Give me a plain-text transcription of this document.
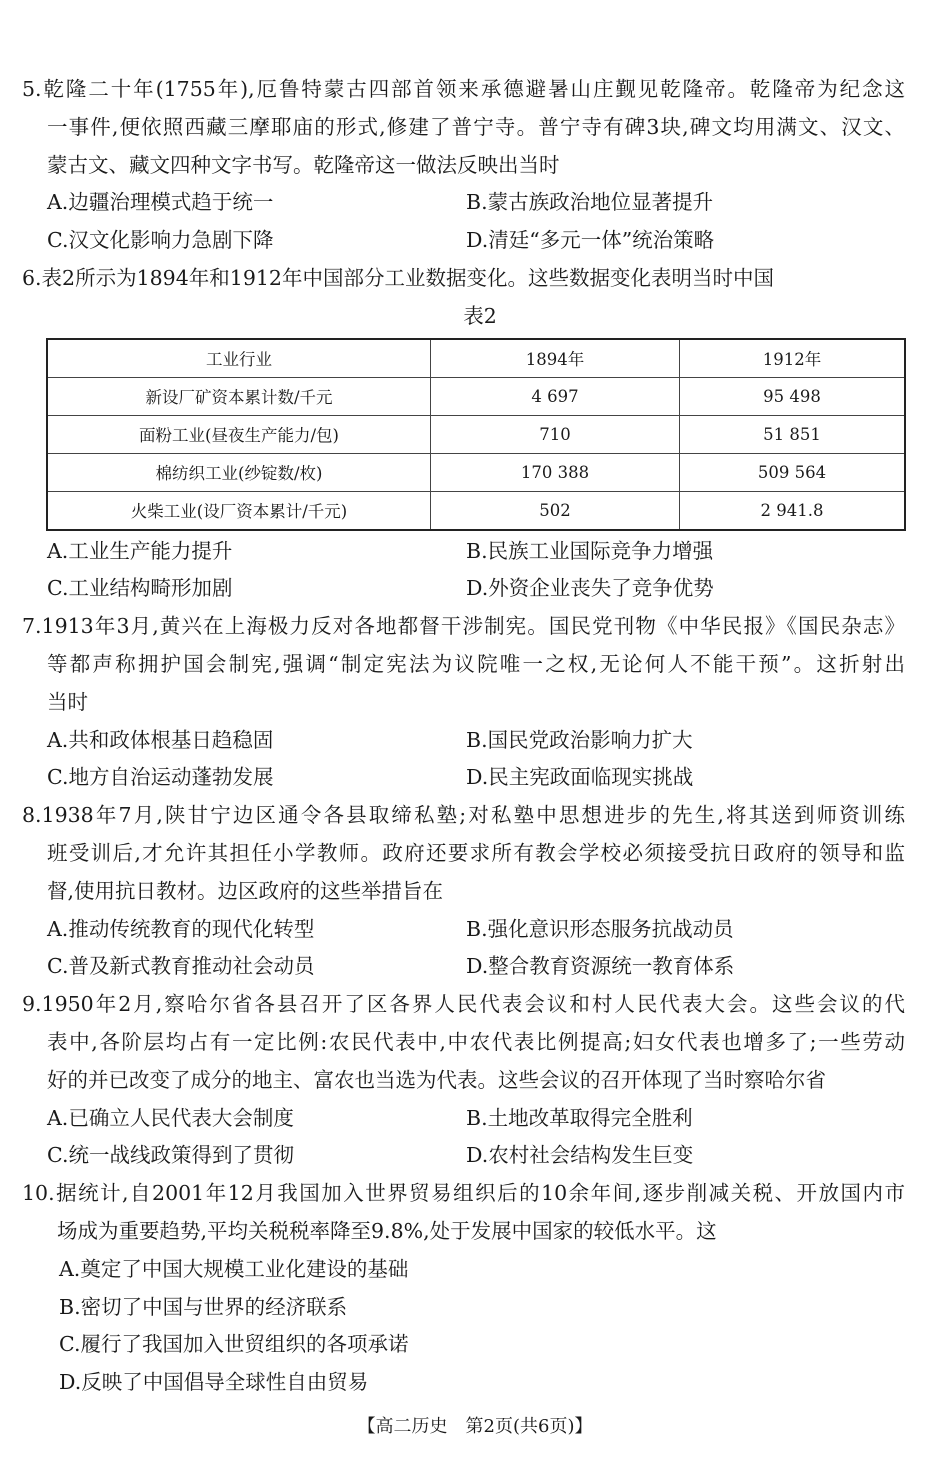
5.乾隆二十年(1755年),厄鲁特蒙古四部首领来承德避暑山庄觐见乾隆帝。乾隆帝为纪念这
一事件,便依照西藏三摩耶庙的形式,修建了普宁寺。普宁寺有碑3块,碑文均用满文、汉文、
蒙古文、藏文四种文字书写。乾隆帝这一做法反映出当时
A.边疆治理模式趋于统一	B.蒙古族政治地位显著提升
C.汉文化影响力急剧下降	D.清廷“多元一体”统治策略
6.表2所示为1894年和1912年中国部分工业数据变化。这些数据变化表明当时中国
表2
工业行业	1894年	1912年
新设厂矿资本累计数/千元	4 697	95 498
面粉工业(昼夜生产能力/包)	710	51 851
棉纺织工业(纱锭数/枚)	170 388	509 564
火柴工业(设厂资本累计/千元)	502	2 941.8
A.工业生产能力提升	B.民族工业国际竞争力增强
C.工业结构畸形加剧	D.外资企业丧失了竞争优势
7.1913年3月,黄兴在上海极力反对各地都督干涉制宪。国民党刊物《中华民报》《国民杂志》
等都声称拥护国会制宪,强调“制定宪法为议院唯一之权,无论何人不能干预”。这折射出
当时
A.共和政体根基日趋稳固	B.国民党政治影响力扩大
C.地方自治运动蓬勃发展	D.民主宪政面临现实挑战
8.1938年7月,陕甘宁边区通令各县取缔私塾;对私塾中思想进步的先生,将其送到师资训练
班受训后,才允许其担任小学教师。政府还要求所有教会学校必须接受抗日政府的领导和监
督,使用抗日教材。边区政府的这些举措旨在
A.推动传统教育的现代化转型	B.强化意识形态服务抗战动员
C.普及新式教育推动社会动员	D.整合教育资源统一教育体系
9.1950年2月,察哈尔省各县召开了区各界人民代表会议和村人民代表大会。这些会议的代
表中,各阶层均占有一定比例:农民代表中,中农代表比例提高;妇女代表也增多了;一些劳动
好的并已改变了成分的地主、富农也当选为代表。这些会议的召开体现了当时察哈尔省
A.已确立人民代表大会制度	B.土地改革取得完全胜利
C.统一战线政策得到了贯彻	D.农村社会结构发生巨变
10.据统计,自2001年12月我国加入世界贸易组织后的10余年间,逐步削减关税、开放国内市
场成为重要趋势,平均关税税率降至9.8%,处于发展中国家的较低水平。这
A.奠定了中国大规模工业化建设的基础
B.密切了中国与世界的经济联系
C.履行了我国加入世贸组织的各项承诺
D.反映了中国倡导全球性自由贸易
【高二历史　第2页(共6页)】
